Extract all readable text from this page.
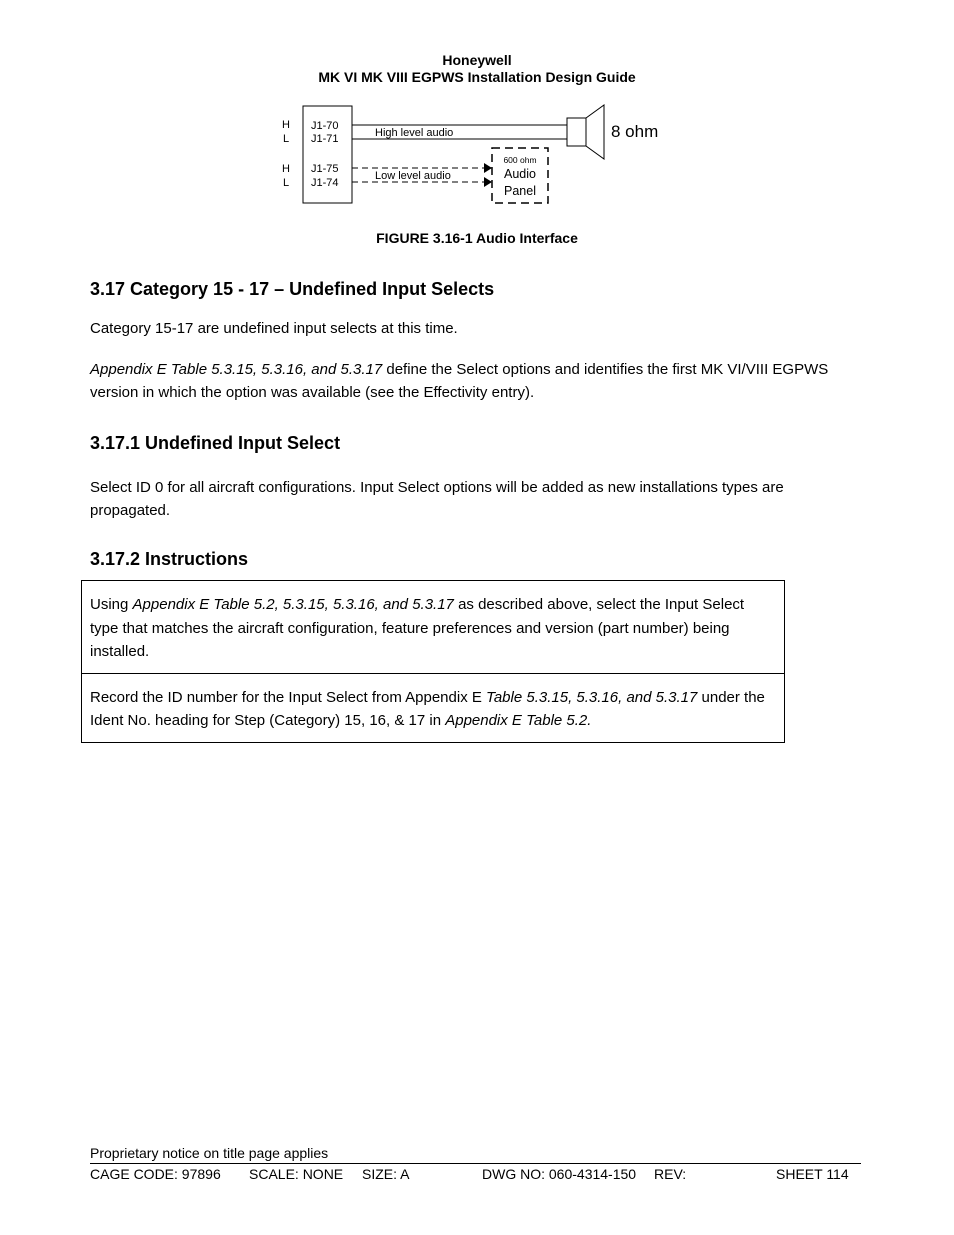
Honeywell
MK VI MK VIII EGPWS Installation Design Guide
H
L
H
L
J1-70
J1-71
J1-75
J1-74
High level audio	8 ohm
Low level audio
600 ohm
Audio
Panel
FIGURE 3.16-1 Audio Interface
3.17 Category 15 - 17 – Undefined Input Selects

Category 15-17 are undefined input selects at this time.

Appendix E Table 5.3.15, 5.3.16, and 5.3.17 define the Select options and identifies the first MK VI/VIII EGPWS version in which the option was available (see the Effectivity entry).

3.17.1 Undefined Input Select

Select ID 0 for all aircraft configurations. Input Select options will be added as new installations types are propagated.

3.17.2 Instructions
Using Appendix E Table 5.2, 5.3.15, 5.3.16, and 5.3.17 as described above, select the Input Select type that matches the aircraft configuration, feature preferences and version (part number) being installed.
Record the ID number for the Input Select from Appendix E Table 5.3.15, 5.3.16, and 5.3.17 under the Ident No. heading for Step (Category) 15, 16, & 17 in Appendix E Table 5.2.
Proprietary notice on title page applies
CAGE CODE: 97896 SCALE: NONE SIZE: A	DWG NO: 060-4314-150 REV:	SHEET 114
